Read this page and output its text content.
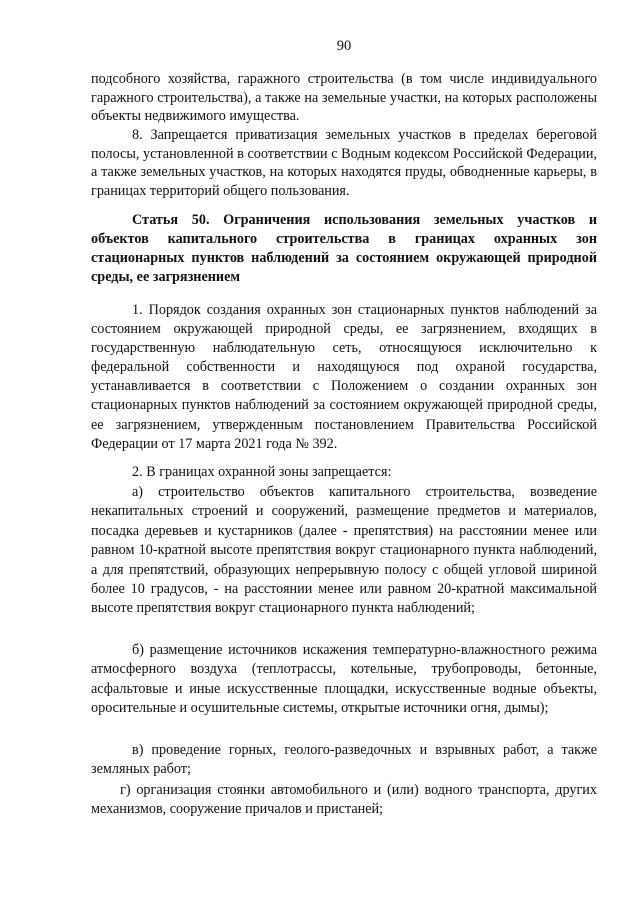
90

подсобного хозяйства, гаражного строительства (в том числе индивидуального гаражного строительства), а также на земельные участки, на которых расположены объекты недвижимого имущества.

8. Запрещается приватизация земельных участков в пределах береговой полосы, установленной в соответствии с Водным кодексом Российской Федерации, а также земельных участков, на которых находятся пруды, обводненные карьеры, в границах территорий общего пользования.

Статья 50. Ограничения использования земельных участков и объектов капитального строительства в границах охранных зон стационарных пунктов наблюдений за состоянием окружающей природной среды, ее загрязнением

1. Порядок создания охранных зон стационарных пунктов наблюдений за состоянием окружающей природной среды, ее загрязнением, входящих в государственную наблюдательную сеть, относящуюся исключительно к федеральной собственности и находящуюся под охраной государства, устанавливается в соответствии с Положением о создании охранных зон стационарных пунктов наблюдений за состоянием окружающей природной среды, ее загрязнением, утвержденным постановлением Правительства Российской Федерации от 17 марта 2021 года № 392.

2. В границах охранной зоны запрещается:

а) строительство объектов капитального строительства, возведение некапитальных строений и сооружений, размещение предметов и материалов, посадка деревьев и кустарников (далее - препятствия) на расстоянии менее или равном 10-кратной высоте препятствия вокруг стационарного пункта наблюдений, а для препятствий, образующих непрерывную полосу с общей угловой шириной более 10 градусов, - на расстоянии менее или равном 20-кратной максимальной высоте препятствия вокруг стационарного пункта наблюдений;

б) размещение источников искажения температурно-влажностного режима атмосферного воздуха (теплотрассы, котельные, трубопроводы, бетонные, асфальтовые и иные искусственные площадки, искусственные водные объекты, оросительные и осушительные системы, открытые источники огня, дымы);

в) проведение горных, геолого-разведочных и взрывных работ, а также земляных работ;

г) организация стоянки автомобильного и (или) водного транспорта, других механизмов, сооружение причалов и пристаней;
